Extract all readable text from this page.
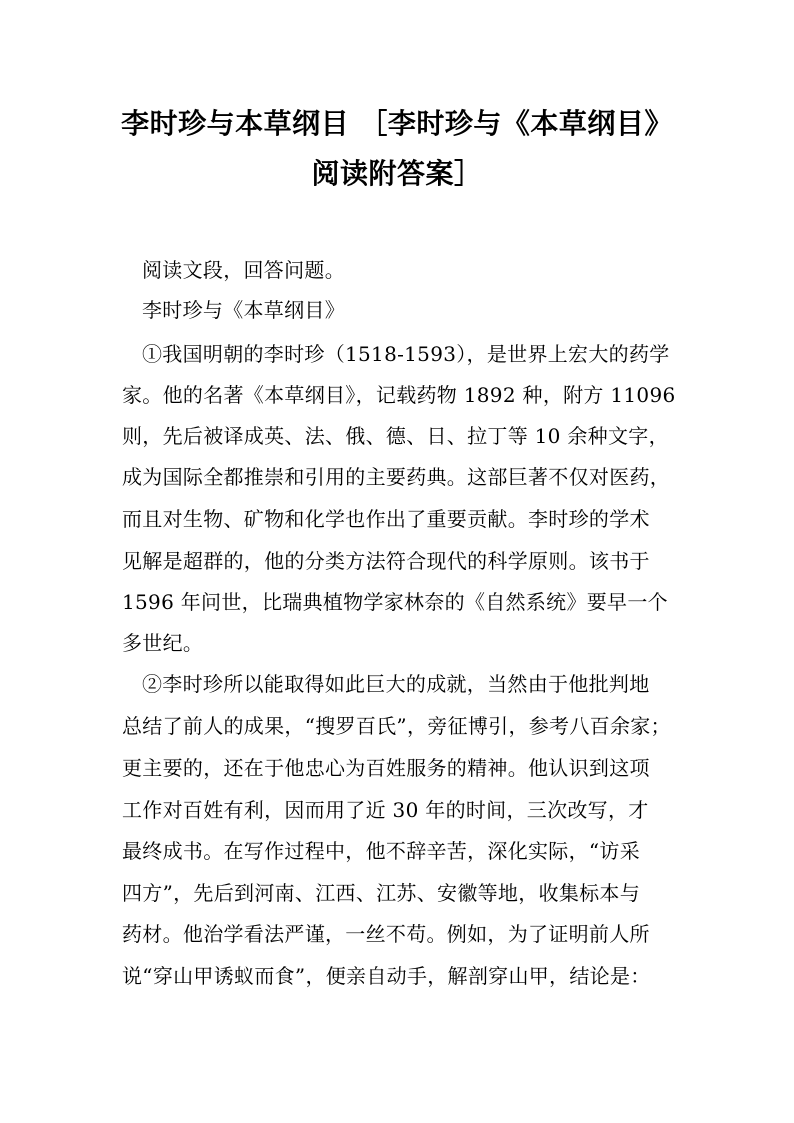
李时珍与本草纲目 ［李时珍与《本草纲目》
阅读附答案］
阅读文段，回答问题。
李时珍与《本草纲目》
①我国明朝的李时珍（1518-1593），是世界上宏大的药学
家。他的名著《本草纲目》，记载药物 1892 种，附方 11096
则，先后被译成英、法、俄、德、日、拉丁等 10 余种文字，
成为国际全都推崇和引用的主要药典。这部巨著不仅对医药，
而且对生物、矿物和化学也作出了重要贡献。李时珍的学术
见解是超群的，他的分类方法符合现代的科学原则。该书于
1596 年问世，比瑞典植物学家林奈的《自然系统》要早一个
多世纪。
②李时珍所以能取得如此巨大的成就，当然由于他批判地
总结了前人的成果，“搜罗百氏”，旁征博引，参考八百余家；
更主要的，还在于他忠心为百姓服务的精神。他认识到这项
工作对百姓有利，因而用了近 30 年的时间，三次改写，才
最终成书。在写作过程中，他不辞辛苦，深化实际，“访采
四方”，先后到河南、江西、江苏、安徽等地，收集标本与
药材。他治学看法严谨，一丝不苟。例如，为了证明前人所
说“穿山甲诱蚁而食”，便亲自动手，解剖穿山甲，结论是：
